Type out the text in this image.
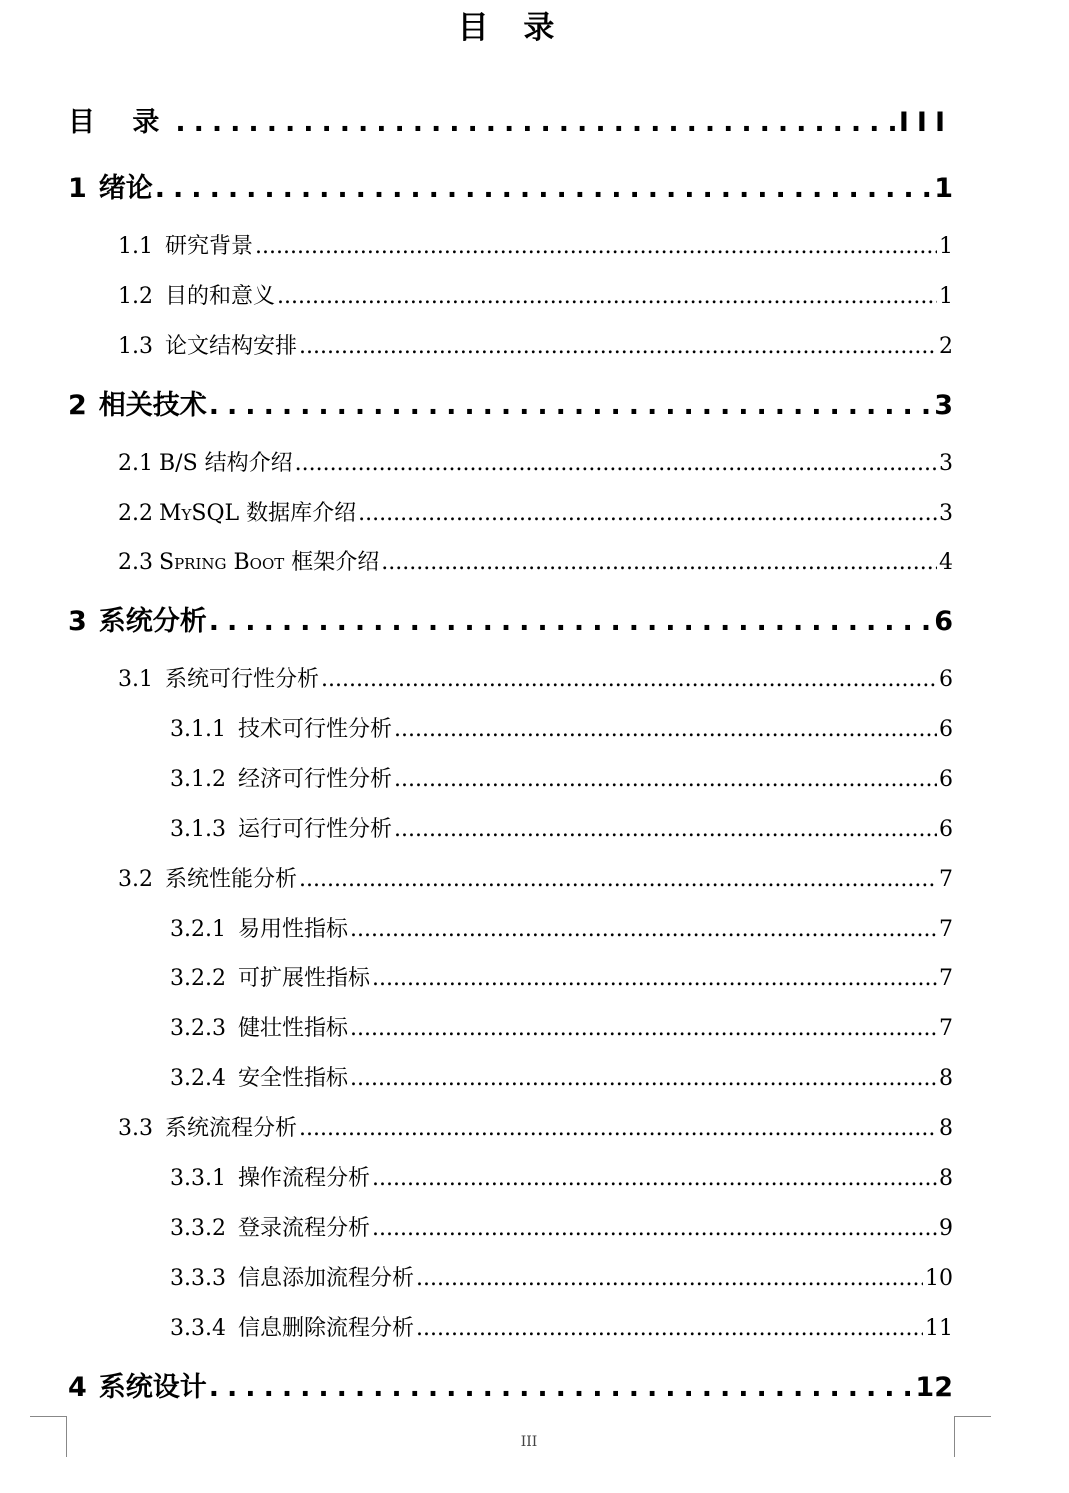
目 录
目 录 .....	III
1 绪论 .....	1
1.1 研究背景 .....	1
1.2 目的和意义 .....	1
1.3 论文结构安排 .....	2
2 相关技术 .....	3
2.1 B/S 结构介绍 .....	3
2.2 MySQL 数据库介绍 .....	3
2.3 Spring Boot 框架介绍 .....	4
3 系统分析 .....	6
3.1 系统可行性分析 .....	6
3.1.1 技术可行性分析 .....	6
3.1.2 经济可行性分析 .....	6
3.1.3 运行可行性分析 .....	6
3.2 系统性能分析 .....	7
3.2.1 易用性指标 .....	7
3.2.2 可扩展性指标 .....	7
3.2.3 健壮性指标 .....	7
3.2.4 安全性指标 .....	8
3.3 系统流程分析 .....	8
3.3.1 操作流程分析 .....	8
3.3.2 登录流程分析 .....	9
3.3.3 信息添加流程分析 .....	10
3.3.4 信息删除流程分析 .....	11
4 系统设计 .....	12
III
